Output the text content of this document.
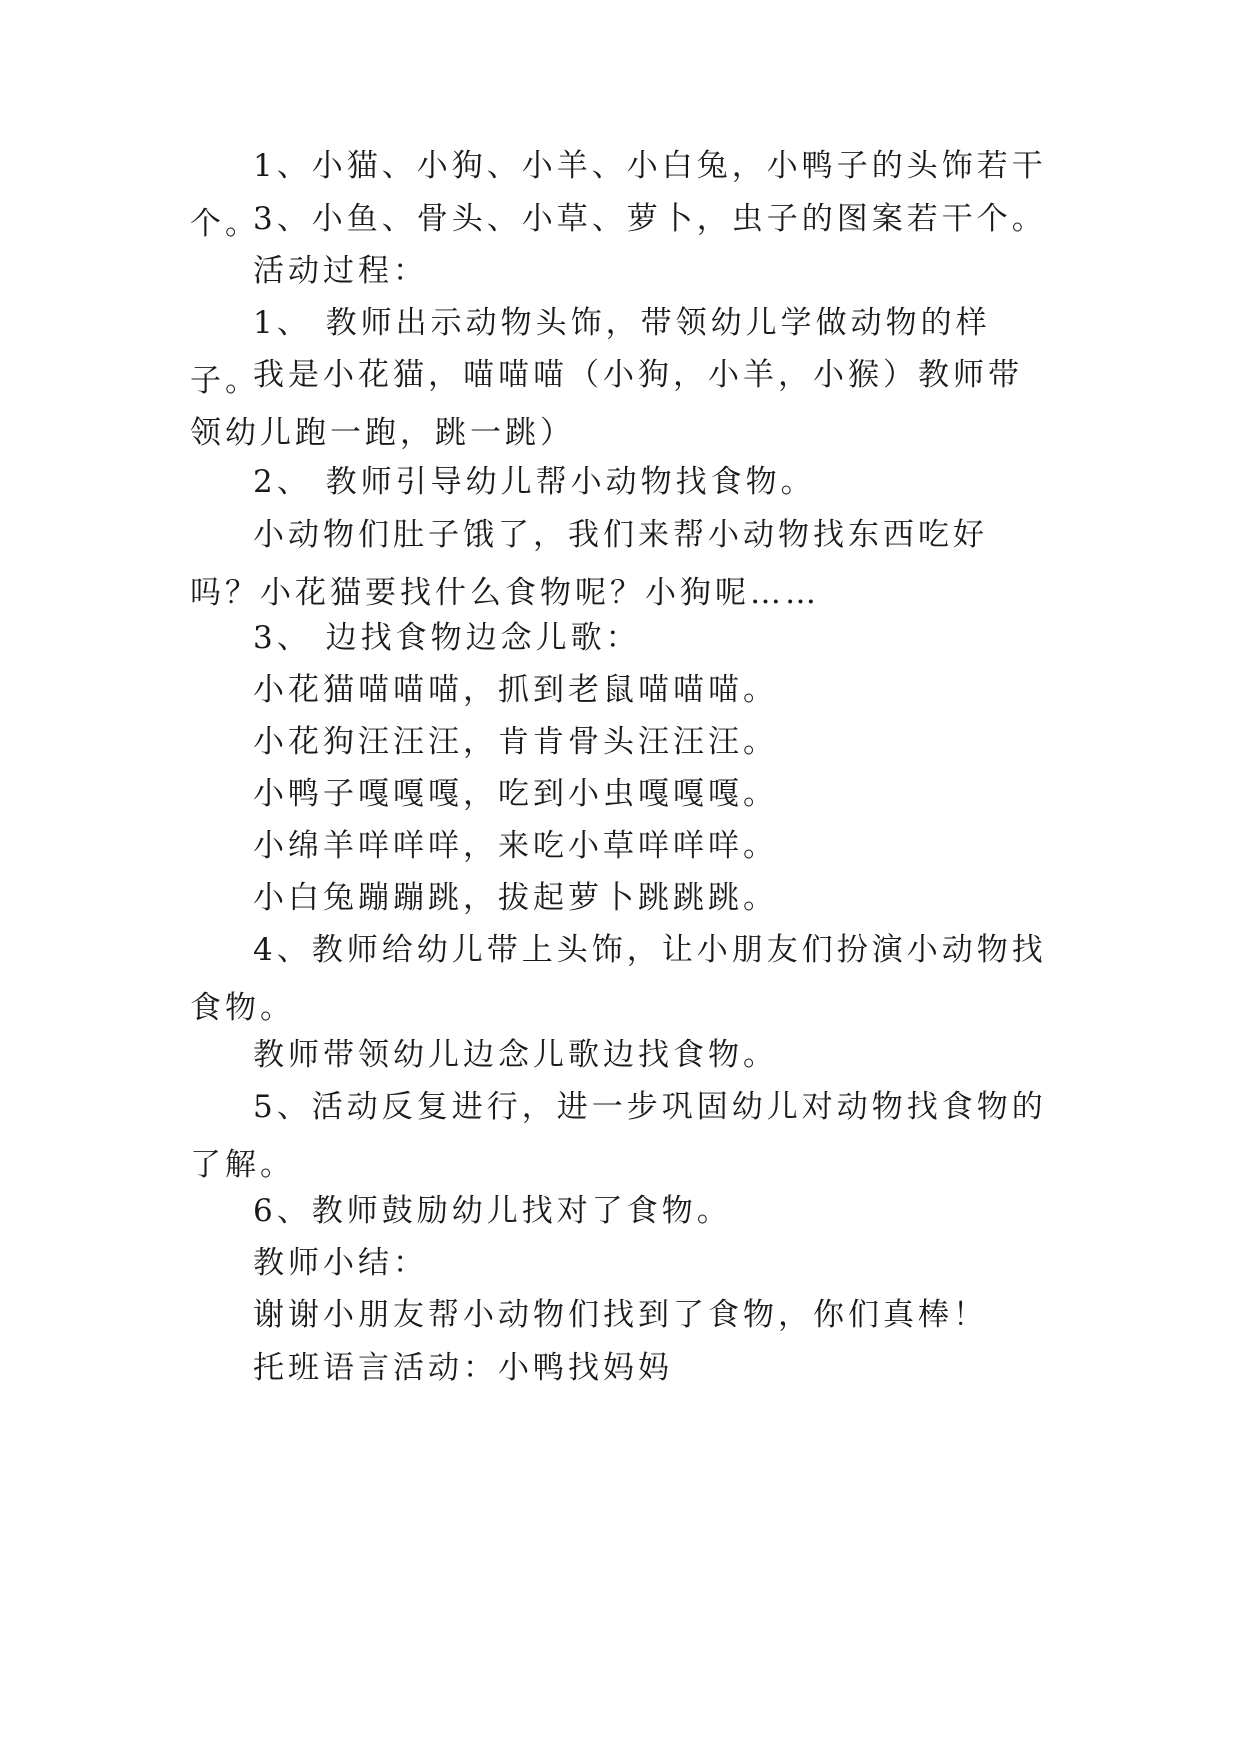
1、小猫、小狗、小羊、小白兔，小鸭子的头饰若干个。

3、小鱼、骨头、小草、萝卜，虫子的图案若干个。

活动过程：

1、 教师出示动物头饰，带领幼儿学做动物的样子。

我是小花猫，喵喵喵（小狗，小羊，小猴）教师带领幼儿跑一跑，跳一跳）

2、 教师引导幼儿帮小动物找食物。

小动物们肚子饿了，我们来帮小动物找东西吃好吗？小花猫要找什么食物呢？小狗呢……

3、 边找食物边念儿歌：

小花猫喵喵喵，抓到老鼠喵喵喵。

小花狗汪汪汪，肯肯骨头汪汪汪。

小鸭子嘎嘎嘎，吃到小虫嘎嘎嘎。

小绵羊咩咩咩，来吃小草咩咩咩。

小白兔蹦蹦跳，拔起萝卜跳跳跳。

4、教师给幼儿带上头饰，让小朋友们扮演小动物找食物。

教师带领幼儿边念儿歌边找食物。

5、活动反复进行，进一步巩固幼儿对动物找食物的了解。

6、教师鼓励幼儿找对了食物。

教师小结：

谢谢小朋友帮小动物们找到了食物，你们真棒！

托班语言活动：小鸭找妈妈
